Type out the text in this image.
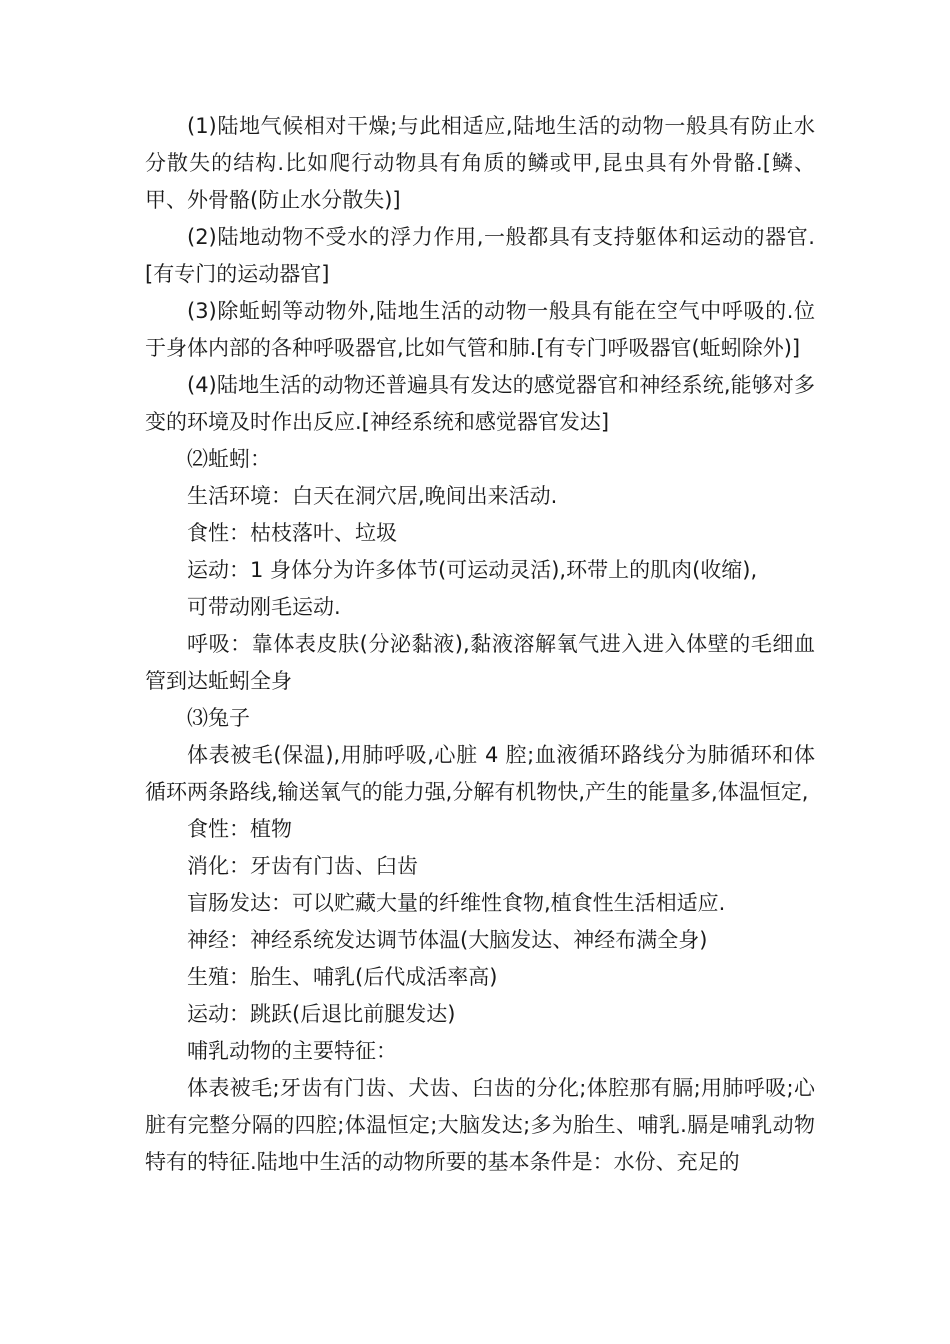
(1)陆地气候相对干燥;与此相适应,陆地生活的动物一般具有防止水分散失的结构.比如爬行动物具有角质的鳞或甲,昆虫具有外骨骼.[鳞、甲、外骨骼(防止水分散失)]

(2)陆地动物不受水的浮力作用,一般都具有支持躯体和运动的器官.[有专门的运动器官]

(3)除蚯蚓等动物外,陆地生活的动物一般具有能在空气中呼吸的.位于身体内部的各种呼吸器官,比如气管和肺.[有专门呼吸器官(蚯蚓除外)]

(4)陆地生活的动物还普遍具有发达的感觉器官和神经系统,能够对多变的环境及时作出反应.[神经系统和感觉器官发达]

⑵蚯蚓：

生活环境：白天在洞穴居,晚间出来活动.

食性：枯枝落叶、垃圾

运动：1 身体分为许多体节(可运动灵活),环带上的肌肉(收缩),

可带动刚毛运动.

呼吸：靠体表皮肤(分泌黏液),黏液溶解氧气进入进入体壁的毛细血管到达蚯蚓全身

⑶兔子

体表被毛(保温),用肺呼吸,心脏 4 腔;血液循环路线分为肺循环和体循环两条路线,输送氧气的能力强,分解有机物快,产生的能量多,体温恒定,

食性：植物

消化：牙齿有门齿、臼齿

盲肠发达：可以贮藏大量的纤维性食物,植食性生活相适应.

神经：神经系统发达调节体温(大脑发达、神经布满全身)

生殖：胎生、哺乳(后代成活率高)

运动：跳跃(后退比前腿发达)

哺乳动物的主要特征：

体表被毛;牙齿有门齿、犬齿、臼齿的分化;体腔那有膈;用肺呼吸;心脏有完整分隔的四腔;体温恒定;大脑发达;多为胎生、哺乳.膈是哺乳动物特有的特征.陆地中生活的动物所要的基本条件是：水份、充足的
